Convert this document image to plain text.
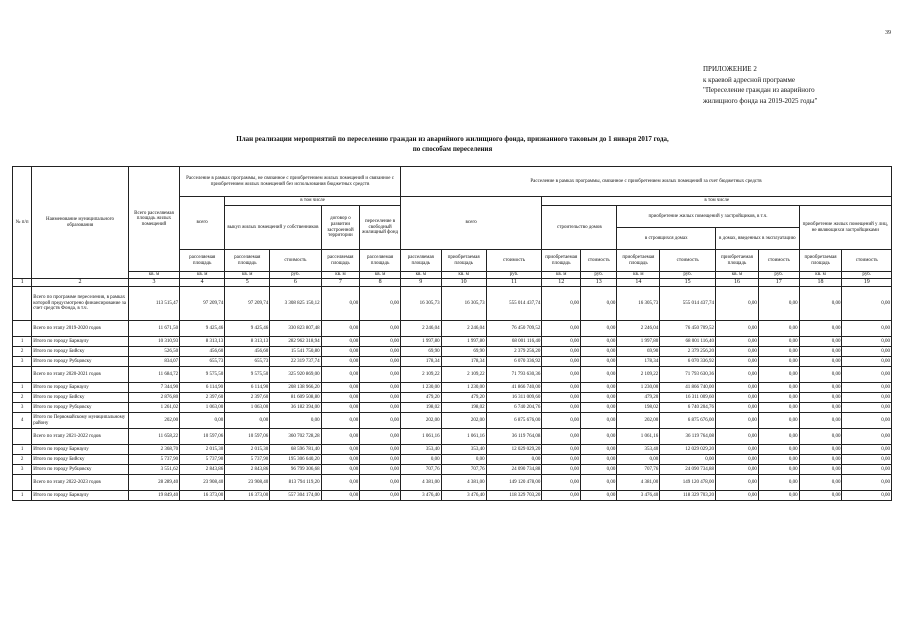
39
ПРИЛОЖЕНИЕ 2
к краевой адресной программе
"Переселение граждан из аварийного
жилищного фонда на 2019-2025 годы"
План реализации мероприятий по переселению граждан из аварийного жилищного фонда, признанного таковым до 1 января 2017 года,
по способам переселения
№ п/п	Наименование муниципального образования	Всего расселяемая площадь жилых помещений	Расселение в рамках программы, не связанное с приобретением жилых помещений и связанное с приобретением жилых помещений без использования бюджетных средств					Расселение в рамках программы, связанное с приобретением жилых помещений за счет бюджетных средств										
			всего	в том числе				всего			в том числе							
				выкуп жилых помещений у собственников		договор о развитии застроенной территории	переселение в свободный жилищный фонд				строительство домов		приобретение жилых помещений у застройщиков, в т.ч.				приобретение жилых помещений у лиц, не являющихся застройщиками	
													в строящихся домах		в домах, введенных в эксплуатацию			
			расселяемая площадь	расселяемая площадь	стоимость	расселяемая площадь	расселяемая площадь	расселяемая площадь	приобретаемая площадь	стоимость	приобретаемая площадь	стоимость	приобретаемая площадь	стоимость	приобретаемая площадь	стоимость	приобретаемая площадь	стоимость
		кв. м	кв. м	кв. м	руб.	кв. м	кв. м	кв. м	кв. м	руб.	кв. м	руб.	кв. м	руб.	кв. м	руб.	кв. м	руб.
1	2	3	4	5	6	7	8	9	10	11	12	13	14	15	16	17	18	19
	Всего по программе переселения, в рамках которой предусмотрено финансирование за счет средств Фонда, в т.ч.	113 515,47	97 209,74	97 209,74	3 308 825 150,12	0,00	0,00	16 305,73	16 305,73	555 014 437,74	0,00	0,00	16 305,73	555 014 437,74	0,00	0,00	0,00	0,00
	Всего по этапу 2019-2020 годов	11 671,50	9 425,46	9 425,46	330 823 807,48	0,00	0,00	2 246,04	2 246,04	76 450 709,52	0,00	0,00	2 246,04	76 450 709,52	0,00	0,00	0,00	0,00
1	Итого по городу Барнаулу	10 310,93	8 313,13	8 313,13	282 962 318,94	0,00	0,00	1 997,80	1 997,80	68 001 116,40	0,00	0,00	1 997,80	68 001 116,40	0,00	0,00	0,00	0,00
2	Итого по городу Бийску	526,50	456,60	456,60	15 541 750,80	0,00	0,00	69,90	69,90	2 379 256,20	0,00	0,00	69,90	2 379 256,20	0,00	0,00	0,00	0,00
3	Итого по городу Рубцовску	834,07	655,73	655,73	22 319 737,74	0,00	0,00	178,34	178,34	6 070 336,92	0,00	0,00	178,34	6 070 336,92	0,00	0,00	0,00	0,00
	Всего по этапу 2020-2021 годов	11 684,72	9 575,50	9 575,50	325 920 869,00	0,00	0,00	2 109,22	2 109,22	71 793 630,36	0,00	0,00	2 109,22	71 793 630,36	0,00	0,00	0,00	0,00
1	Итого по городу Барнаулу	7 344,90	6 114,90	6 114,90	208 138 966,20	0,00	0,00	1 230,00	1 230,00	41 866 740,00	0,00	0,00	1 230,00	41 866 740,00	0,00	0,00	0,00	0,00
2	Итого по городу Бийску	2 876,80	2 397,60	2 397,60	81 609 508,80	0,00	0,00	479,20	479,20	16 311 009,60	0,00	0,00	479,20	16 311 009,60	0,00	0,00	0,00	0,00
3	Итого по городу Рубцовску	1 261,02	1 063,00	1 063,00	36 182 394,00	0,00	0,00	198,02	198,02	6 740 204,76	0,00	0,00	198,02	6 740 204,76	0,00	0,00	0,00	0,00
4	Итого по Первомайскому муниципальному району	202,00	0,00	0,00	0,00	0,00	0,00	202,00	202,00	6 875 676,00	0,00	0,00	202,00	6 875 676,00	0,00	0,00	0,00	0,00
	Всего по этапу 2021-2022 годов	11 658,22	10 597,06	10 597,06	360 702 728,28	0,00	0,00	1 061,16	1 061,16	36 119 764,08	0,00	0,00	1 061,16	36 119 764,08	0,00	0,00	0,00	0,00
1	Итого по городу Барнаулу	2 368,70	2 015,30	2 015,30	68 596 781,40	0,00	0,00	353,40	353,40	12 029 029,20	0,00	0,00	353,40	12 029 029,20	0,00	0,00	0,00	0,00
2	Итого по городу Бийску	5 737,90	5 737,90	5 737,90	195 306 640,20	0,00	0,00	0,00	0,00	0,00	0,00	0,00	0,00	0,00	0,00	0,00	0,00	0,00
3	Итого по городу Рубцовску	3 551,62	2 843,86	2 843,86	96 799 306,68	0,00	0,00	707,76	707,76	24 090 734,88	0,00	0,00	707,76	24 090 734,88	0,00	0,00	0,00	0,00
	Всего по этапу 2022-2023 годов	28 289,40	23 908,40	23 908,40	813 794 119,20	0,00	0,00	4 381,00	4 381,00	149 120 478,00	0,00	0,00	4 381,00	149 120 478,00	0,00	0,00	0,00	0,00
1	Итого по городу Барнаулу	19 849,40	16 373,00	16 373,00	557 304 174,00	0,00	0,00	3 476,40	3 476,40	118 329 703,20	0,00	0,00	3 476,40	118 329 703,20	0,00	0,00	0,00	0,00
